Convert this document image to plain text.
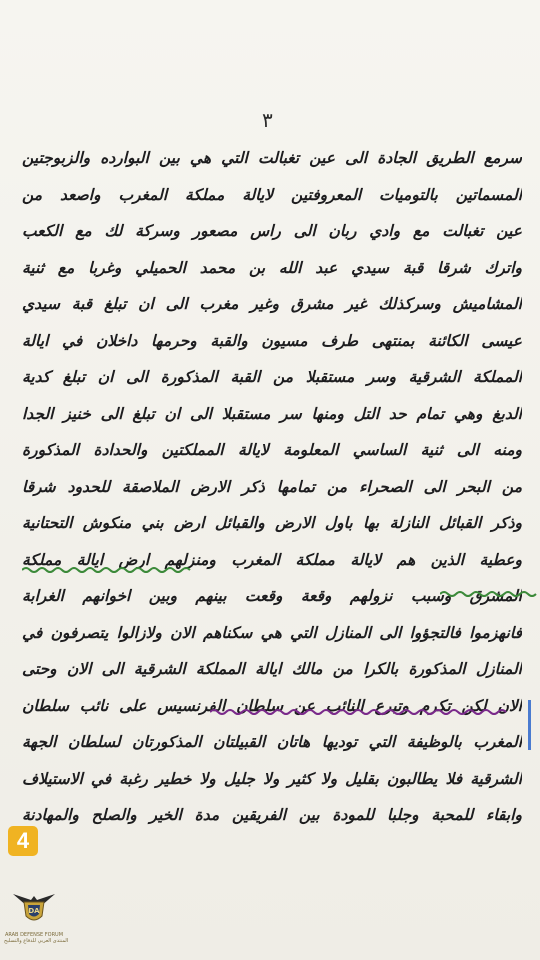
٣
سرمع الطريق الجادة الى عين تغبالت التي هي بين البوارده والزبوجتين
المسماتين بالتوميات المعروفتين لايالة مملكة المغرب واصعد من
عين تغبالت مع وادي ربان الى راس مصعور وسركة لك مع الكعب
واترك شرقا قبة سيدي عبد الله بن محمد الحميلي وغربا مع ثنية
المشاميش وسركذلك غير مشرق وغير مغرب الى ان تبلغ قبة سيدي
عيسى الكائنة بمنتهى طرف مسيون والقبة وحرمها داخلان في ايالة
المملكة الشرقية وسر مستقبلا من القبة المذكورة الى ان تبلغ كدية
الدبغ وهي تمام حد التل ومنها سر مستقبلا الى ان تبلغ الى خنيز الجدا
ومنه الى ثنية الساسي المعلومة لايالة المملكتين والحدادة المذكورة
من البحر الى الصحراء من تمامها ذكر الارض الملاصقة للحدود شرقا
وذكر القبائل النازلة بها باول الارض والقبائل ارض بني منكوش التحتانية
وعطية الذين هم لايالة مملكة المغرب ومنزلهم ارض ايالة مملكة
المشرق وسبب نزولهم وقعة وقعت بينهم وبين اخوانهم الغرابة
فانهزموا فالتجؤوا الى المنازل التي هي سكناهم الان ولازالوا يتصرفون في
المنازل المذكورة بالكرا من مالك ايالة المملكة الشرقية الى الان وحتى
الان لكن تكرم وتبرع النائب عن سلطان الفرنسيس على نائب سلطان
المغرب بالوظيفة التي توديها هاتان القبيلتان المذكورتان لسلطان الجهة
الشرقية فلا يطالبون بقليل ولا كثير ولا جليل ولا خطير رغبة في الاستيلاف
وابقاء للمحبة وجلبا للمودة بين الفريقين مدة الخير والصلح والمهادنة
4
DA
ARAB DEFENSE FORUM
المنتدى العربي للدفاع والتسليح
